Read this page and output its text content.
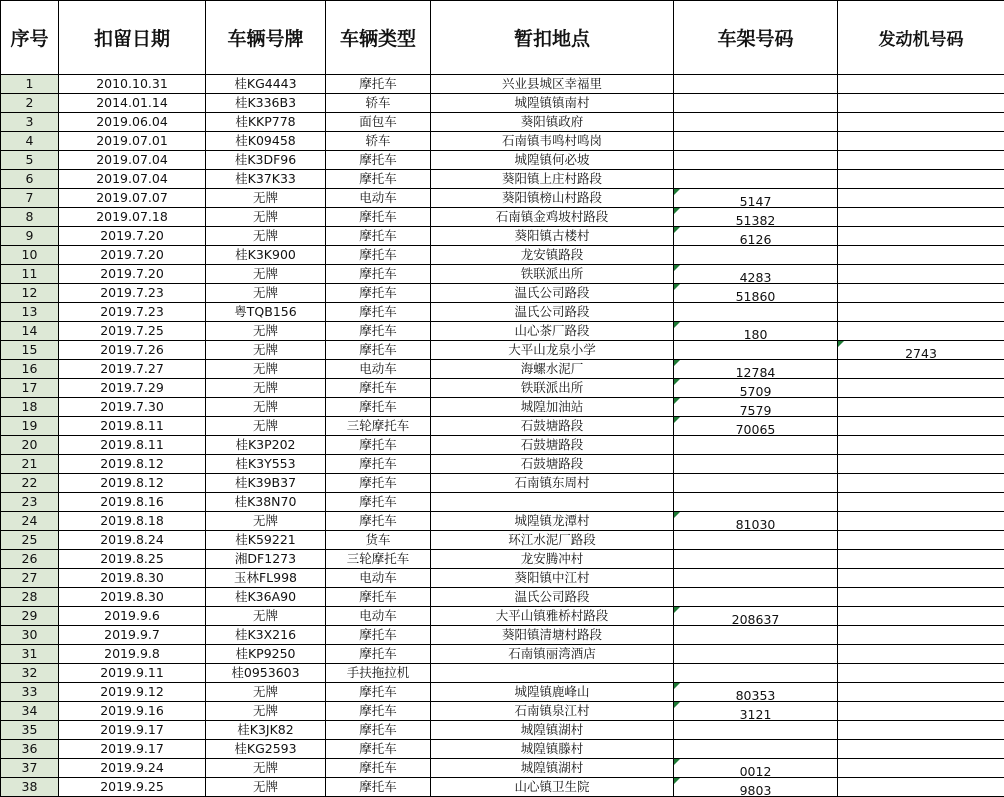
序号	扣留日期	车辆号牌	车辆类型	暂扣地点	车架号码	发动机号码
1	2010.10.31	桂KG4443	摩托车	兴业县城区幸福里		
2	2014.01.14	桂K336B3	轿车	城隍镇镇南村		
3	2019.06.04	桂KKP778	面包车	葵阳镇政府		
4	2019.07.01	桂K09458	轿车	石南镇韦鸣村鸣岗		
5	2019.07.04	桂K3DF96	摩托车	城隍镇何必坡		
6	2019.07.04	桂K37K33	摩托车	葵阳镇上庄村路段		
7	2019.07.07	无牌	电动车	葵阳镇榜山村路段	5147	
8	2019.07.18	无牌	摩托车	石南镇金鸡坡村路段	51382	
9	2019.7.20	无牌	摩托车	葵阳镇古楼村	6126	
10	2019.7.20	桂K3K900	摩托车	龙安镇路段		
11	2019.7.20	无牌	摩托车	铁联派出所	4283	
12	2019.7.23	无牌	摩托车	温氏公司路段	51860	
13	2019.7.23	粤TQB156	摩托车	温氏公司路段		
14	2019.7.25	无牌	摩托车	山心茶厂路段	180	
15	2019.7.26	无牌	摩托车	大平山龙泉小学		2743
16	2019.7.27	无牌	电动车	海螺水泥厂	12784	
17	2019.7.29	无牌	摩托车	铁联派出所	5709	
18	2019.7.30	无牌	摩托车	城隍加油站	7579	
19	2019.8.11	无牌	三轮摩托车	石鼓塘路段	70065	
20	2019.8.11	桂K3P202	摩托车	石鼓塘路段		
21	2019.8.12	桂K3Y553	摩托车	石鼓塘路段		
22	2019.8.12	桂K39B37	摩托车	石南镇东周村		
23	2019.8.16	桂K38N70	摩托车			
24	2019.8.18	无牌	摩托车	城隍镇龙潭村	81030	
25	2019.8.24	桂K59221	货车	环江水泥厂路段		
26	2019.8.25	湘DF1273	三轮摩托车	龙安腾冲村		
27	2019.8.30	玉林FL998	电动车	葵阳镇中江村		
28	2019.8.30	桂K36A90	摩托车	温氏公司路段		
29	2019.9.6	无牌	电动车	大平山镇雅桥村路段	208637	
30	2019.9.7	桂K3X216	摩托车	葵阳镇清塘村路段		
31	2019.9.8	桂KP9250	摩托车	石南镇丽湾酒店		
32	2019.9.11	桂0953603	手扶拖拉机			
33	2019.9.12	无牌	摩托车	城隍镇鹿峰山	80353	
34	2019.9.16	无牌	摩托车	石南镇泉江村	3121	
35	2019.9.17	桂K3JK82	摩托车	城隍镇湖村		
36	2019.9.17	桂KG2593	摩托车	城隍镇滕村		
37	2019.9.24	无牌	摩托车	城隍镇湖村	0012	
38	2019.9.25	无牌	摩托车	山心镇卫生院	9803	
